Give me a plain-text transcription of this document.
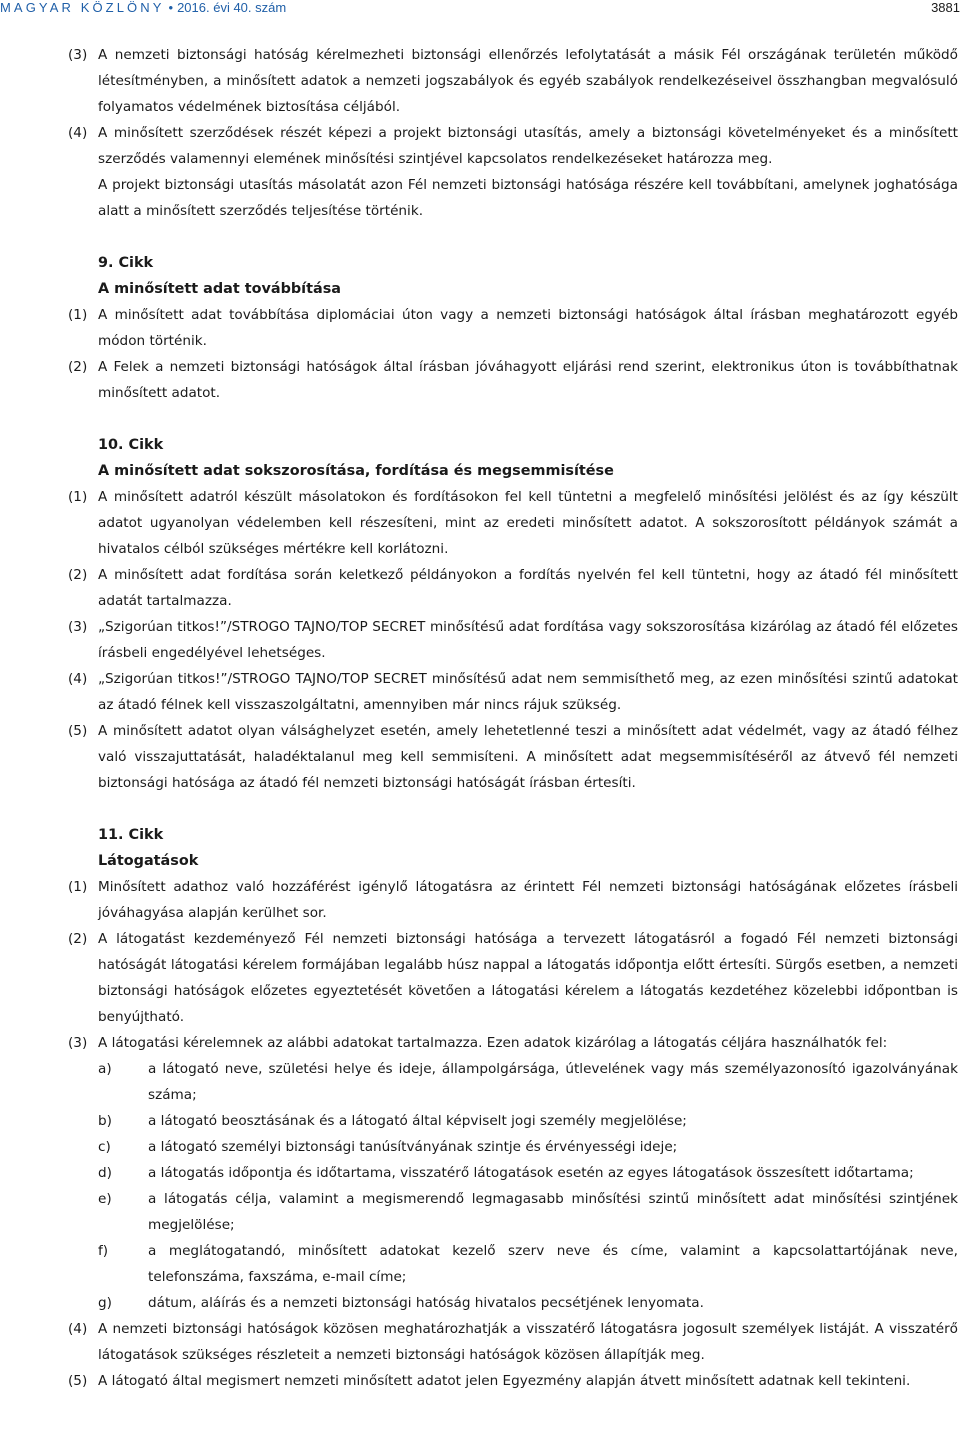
MAGYAR KÖZLÖNY • 2016. évi 40. szám	3881
(3) A nemzeti biztonsági hatóság kérelmezheti biztonsági ellenőrzés lefolytatását a másik Fél országának területén működő létesítményben, a minősített adatok a nemzeti jogszabályok és egyéb szabályok rendelkezéseivel összhangban megvalósuló folyamatos védelmének biztosítása céljából.
(4) A minősített szerződések részét képezi a projekt biztonsági utasítás, amely a biztonsági követelményeket és a minősített szerződés valamennyi elemének minősítési szintjével kapcsolatos rendelkezéseket határozza meg.
A projekt biztonsági utasítás másolatát azon Fél nemzeti biztonsági hatósága részére kell továbbítani, amelynek joghatósága alatt a minősített szerződés teljesítése történik.
9. Cikk
A minősített adat továbbítása
(1) A minősített adat továbbítása diplomáciai úton vagy a nemzeti biztonsági hatóságok által írásban meghatározott egyéb módon történik.
(2) A Felek a nemzeti biztonsági hatóságok által írásban jóváhagyott eljárási rend szerint, elektronikus úton is továbbíthatnak minősített adatot.
10. Cikk
A minősített adat sokszorosítása, fordítása és megsemmisítése
(1) A minősített adatról készült másolatokon és fordításokon fel kell tüntetni a megfelelő minősítési jelölést és az így készült adatot ugyanolyan védelemben kell részesíteni, mint az eredeti minősített adatot. A sokszorosított példányok számát a hivatalos célból szükséges mértékre kell korlátozni.
(2) A minősített adat fordítása során keletkező példányokon a fordítás nyelvén fel kell tüntetni, hogy az átadó fél minősített adatát tartalmazza.
(3) „Szigorúan titkos!”/STROGO TAJNO/TOP SECRET minősítésű adat fordítása vagy sokszorosítása kizárólag az átadó fél előzetes írásbeli engedélyével lehetséges.
(4) „Szigorúan titkos!”/STROGO TAJNO/TOP SECRET minősítésű adat nem semmisíthető meg, az ezen minősítési szintű adatokat az átadó félnek kell visszaszolgáltatni, amennyiben már nincs rájuk szükség.
(5) A minősített adatot olyan válsághelyzet esetén, amely lehetetlenné teszi a minősített adat védelmét, vagy az átadó félhez való visszajuttatását, haladéktalanul meg kell semmisíteni. A minősített adat megsemmisítéséről az átvevő fél nemzeti biztonsági hatósága az átadó fél nemzeti biztonsági hatóságát írásban értesíti.
11. Cikk
Látogatások
(1) Minősített adathoz való hozzáférést igénylő látogatásra az érintett Fél nemzeti biztonsági hatóságának előzetes írásbeli jóváhagyása alapján kerülhet sor.
(2) A látogatást kezdeményező Fél nemzeti biztonsági hatósága a tervezett látogatásról a fogadó Fél nemzeti biztonsági hatóságát látogatási kérelem formájában legalább húsz nappal a látogatás időpontja előtt értesíti. Sürgős esetben, a nemzeti biztonsági hatóságok előzetes egyeztetését követően a látogatási kérelem a látogatás kezdetéhez közelebbi időpontban is benyújtható.
(3) A látogatási kérelemnek az alábbi adatokat tartalmazza. Ezen adatok kizárólag a látogatás céljára használhatók fel:
a)	a látogató neve, születési helye és ideje, állampolgársága, útlevelének vagy más személyazonosító igazolványának száma;
b)	a látogató beosztásának és a látogató által képviselt jogi személy megjelölése;
c)	a látogató személyi biztonsági tanúsítványának szintje és érvényességi ideje;
d)	a látogatás időpontja és időtartama, visszatérő látogatások esetén az egyes látogatások összesített időtartama;
e)	a látogatás célja, valamint a megismerendő legmagasabb minősítési szintű minősített adat minősítési szintjének megjelölése;
f)	a meglátogatandó, minősített adatokat kezelő szerv neve és címe, valamint a kapcsolattartójának neve, telefonszáma, faxszáma, e-mail címe;
g)	dátum, aláírás és a nemzeti biztonsági hatóság hivatalos pecsétjének lenyomata.
(4) A nemzeti biztonsági hatóságok közösen meghatározhatják a visszatérő látogatásra jogosult személyek listáját. A visszatérő látogatások szükséges részleteit a nemzeti biztonsági hatóságok közösen állapítják meg.
(5) A látogató által megismert nemzeti minősített adatot jelen Egyezmény alapján átvett minősített adatnak kell tekinteni.
